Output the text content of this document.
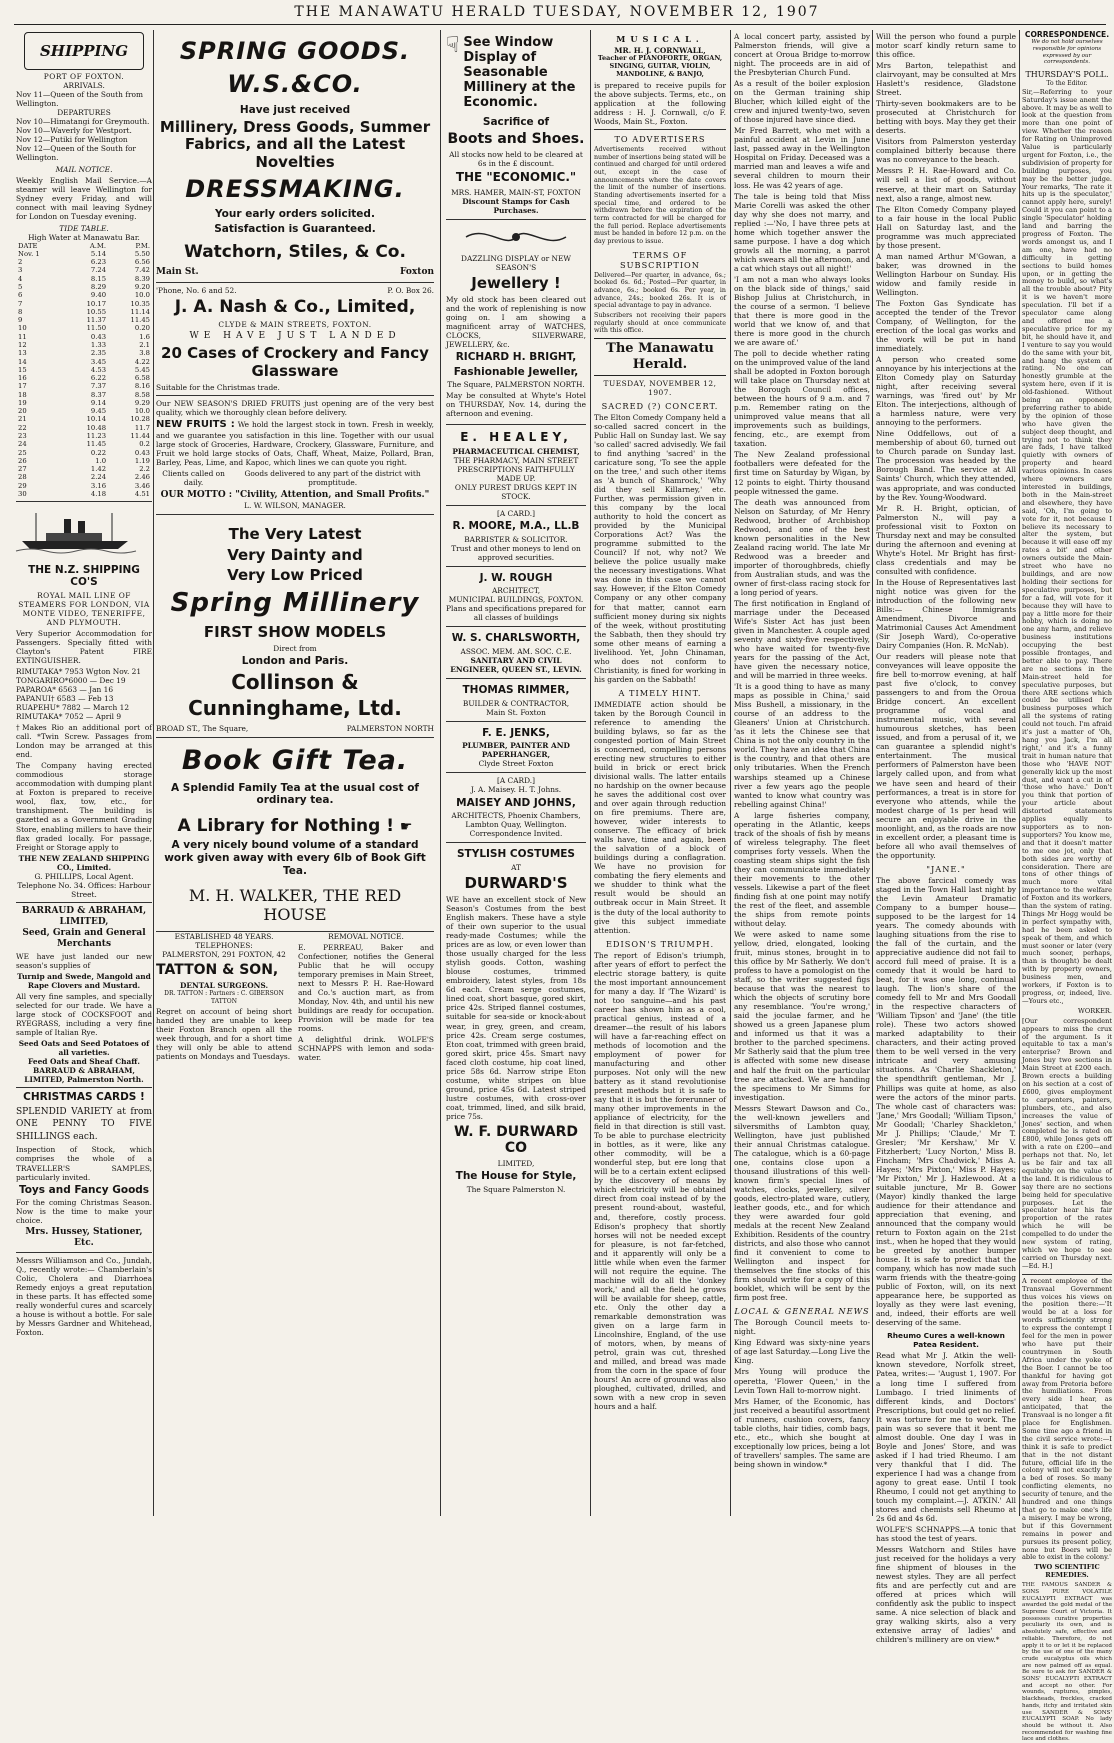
THE MANAWATU HERALD TUESDAY, NOVEMBER 12, 1907
SHIPPING
PORT OF FOXTON.
ARRIVALS.
Nov 11—Queen of the South from Wellington.
DEPARTURES
Nov 10—Himatangi for Greymouth.
Nov 10—Waverly for Westport.
Nov 12—Putiki for Wellington
Nov 12—Queen of the South for Wellington.
MAIL NOTICE.
Weekly English Mail Service.—A steamer will leave Wellington for Sydney every Friday, and will connect with mail leaving Sydney for London on Tuesday evening.
TIDE TABLE.
High Water at Manawatu Bar.
DATE	A.M.	P.M.
Nov. 1	5.14	5.50
2	6.23	6.56
3	7.24	7.42
4	8.15	8.39
5	8.29	9.20
6	9.40	10.0
7	10.17	10.35
8	10.55	11.14
9	11.37	11.45
10	11.50	0.20
11	0.43	1.6
12	1.33	2.1
13	2.35	3.8
14	3.45	4.22
15	4.53	5.45
16	6.22	6.58
17	7.37	8.16
18	8.37	8.58
19	9.14	9.29
20	9.45	10.0
21	10.14	10.28
22	10.48	11.7
23	11.23	11.44
24	11.45	0.2
25	0.22	0.43
26	1.0	1.19
27	1.42	2.2
28	2.24	2.46
29	3.16	3.46
30	4.18	4.51
THE N.Z. SHIPPING CO'S
ROYAL MAIL LINE OF STEAMERS FOR LONDON, VIA MONTE VIDEO, TENERIFFE, AND PLYMOUTH.
Very Superior Accommodation for Passengers. Specially fitted with Clayton's Patent FIRE EXTINGUISHER.
RIMUTAKA* 7953 Wgton Nov. 21
TONGARIRO*6000 — Dec 19
PAPAROA* 6563 — Jan 16
PAPANUI† 6583 — Feb 13
RUAPEHU* 7882 — March 12
RIMUTAKA* 7052 — April 9
†Makes Rio an additional port of call. *Twin Screw. Passages from London may be arranged at this end.
The Company having erected commodious storage accommodation with dumping plant at Foxton is prepared to receive wool, flax, tow, etc., for transhipment. The building is gazetted as a Government Grading Store, enabling millers to have their flax graded locally. For passage, Freight or Storage apply to
THE NEW ZEALAND SHIPPING CO., Limited.
G. PHILLIPS, Local Agent. Telephone No. 34. Offices: Harbour Street.
BARRAUD & ABRAHAM, LIMITED,
Seed, Grain and General Merchants
WE have just landed our new season's supplies of
Turnip and Swede, Mangold and Rape Clovers and Mustard.
All very fine samples, and specially selected for our trade. We have a large stock of COCKSFOOT and RYEGRASS, including a very fine sample of Italian Rye.
Seed Oats and Seed Potatoes of all varieties.
Feed Oats and Sheaf Chaff.
BARRAUD & ABRAHAM, LIMITED, Palmerston North.
CHRISTMAS CARDS !
SPLENDID VARIETY at from ONE PENNY TO FIVE SHILLINGS each.
Inspection of Stock, which comprises the whole of a TRAVELLER'S SAMPLES, particularly invited.
Toys and Fancy Goods
For the coming Christmas Season. Now is the time to make your choice.
Mrs. Hussey, Stationer, Etc.
Messrs Williamson and Co., Jundah, Q., recently wrote:— Chamberlain's Colic, Cholera and Diarrhoea Remedy enjoys a great reputation in these parts. It has effected some really wonderful cures and scarcely a house is without a bottle. For sale by Messrs Gardner and Whitehead, Foxton.
SPRING GOODS.
W.S.&CO.
Have just received
Millinery, Dress Goods, Summer Fabrics, and all the Latest Novelties
DRESSMAKING.
Your early orders solicited.
Satisfaction is Guaranteed.
Watchorn, Stiles, & Co.
Main St.	Foxton
'Phone, No. 6 and 52.	P. O. Box 26.
J. A. Nash & Co., Limited,
CLYDE & MAIN STREETS, FOXTON.
WE HAVE JUST LANDED
20 Cases of Crockery and Fancy Glassware
Suitable for the Christmas trade.
Our NEW SEASON'S DRIED FRUITS just opening are of the very best quality, which we thoroughly clean before delivery.
NEW FRUITS : We hold the largest stock in town. Fresh in weekly, and we guarantee you satisfaction in this line. Together with our usual large stock of Groceries, Hardware, Crockery, Glassware, Furniture, and Fruit we hold large stocks of Oats, Chaff, Wheat, Maize, Pollard, Bran, Barley, Peas, Lime, and Kapoc, which lines we can quote you right.
Clients called on daily.
Goods delivered to any part of the district with promptitude.
OUR MOTTO : "Civility, Attention, and Small Profits."
L. W. WILSON, MANAGER.
The Very Latest
Very Dainty and
Very Low Priced
Spring Millinery
FIRST SHOW MODELS
Direct from
London and Paris.
Collinson &
Cunninghame, Ltd.
BROAD ST., The Square,	PALMERSTON NORTH
Book Gift Tea.
A Splendid Family Tea at the usual cost of ordinary tea.
A Library for Nothing ! ☛
A very nicely bound volume of a standard work given away with every 6lb of Book Gift Tea.
M. H. WALKER, THE RED HOUSE
ESTABLISHED 48 YEARS.
TELEPHONES:
PALMERSTON, 291 FOXTON, 42
TATTON & SON,
DENTAL SURGEONS.
DR. TATTON : Partners : C. GIBERSON TATTON
Regret on account of being short handed they are unable to keep their Foxton Branch open all the week through, and for a short time they will only be able to attend patients on Mondays and Tuesdays.
REMOVAL NOTICE.
E. PERREAU, Baker and Confectioner, notifies the General Public that he will occupy temporary premises in Main Street, next to Messrs P. H. Rae-Howard and Co.'s auction mart, as from Monday, Nov. 4th, and until his new buildings are ready for occupation. Provision will be made for tea rooms.
A delightful drink. WOLFE'S SCHNAPPS with lemon and soda-water.
☟ See Window Display of Seasonable Millinery at the Economic.
Sacrifice of
Boots and Shoes.
All stocks now held to be cleared at 6s in the £ discount.
THE "ECONOMIC."
MRS. HAMER, MAIN-ST, FOXTON
Discount Stamps for Cash Purchases.
DAZZLING DISPLAY or NEW SEASON'S
Jewellery !
My old stock has been cleared out and the work of replenishing is now going on. I am showing a magnificent array of WATCHES, CLOCKS, SILVERWARE, JEWELLERY, &c.
RICHARD H. BRIGHT,
Fashionable Jeweller,
The Square, PALMERSTON NORTH.
May be consulted at Whyte's Hotel on THURSDAY, Nov. 14, during the afternoon and evening.
E. HEALEY,
PHARMACEUTICAL CHEMIST,
THE PHARMACY, MAIN STREET
PRESCRIPTIONS FAITHFULLY MADE UP.
ONLY PUREST DRUGS KEPT IN STOCK.
[A CARD.]
R. MOORE, M.A., LL.B
BARRISTER & SOLICITOR.
Trust and other moneys to lend on approved securities.
J. W. ROUGH
ARCHITECT,
MUNICIPAL BUILDINGS, FOXTON.
Plans and specifications prepared for all classes of buildings
W. S. CHARLSWORTH,
ASSOC. MEM. AM. SOC. C.E.
SANITARY AND CIVIL ENGINEER, QUEEN ST., LEVIN.
THOMAS RIMMER,
BUILDER & CONTRACTOR,
Main St. Foxton
F. E. JENKS,
PLUMBER, PAINTER AND PAPERHANGER,
Clyde Street Foxton
[A CARD.]
J. A. Maisey. H. T. Johns.
MAISEY AND JOHNS,
ARCHITECTS, Phoenix Chambers, Lambton Quay, Wellington. Correspondence Invited.
STYLISH COSTUMES
AT
DURWARD'S
WE have an excellent stock of New Season's Costumes from the best English makers. These have a style of their own superior to the usual ready-made Costumes; while the prices are as low, or even lower than those usually charged for the less stylish goods. Cotton, washing blouse costumes, trimmed embroidery, latest styles, from 18s 6d each. Cream serge costumes, lined coat, short basque, gored skirt, price 42s. Striped flannel costumes, suitable for sea-side or knock-about wear, in grey, green, and cream, price 42s. Cream serge costumes, Eton coat, trimmed with green braid, gored skirt, price 45s. Smart navy faced cloth costume, hip coat lined, price 58s 6d. Narrow stripe Eton costume, white stripes on blue ground, price 45s 6d. Latest striped lustre costumes, with cross-over coat, trimmed, lined, and silk braid, price 75s.
W. F. DURWARD CO
LIMITED,
The House for Style,
The Square Palmerston N.
MUSICAL.
MR. H. J. CORNWALL,
Teacher of PIANOFORTE, ORGAN, SINGING, GUITAR, VIOLIN, MANDOLINE, & BANJO,
is prepared to receive pupils for the above subjects. Terms, etc., on application at the following address : H. J. Cornwall, c/o F. Woods, Main St., Foxton.
TO ADVERTISERS
Advertisements received without number of insertions being stated will be continued and charged for until ordered out, except in the case of announcements where the date covers the limit of the number of insertions. Standing advertisements inserted for a special time, and ordered to be withdrawn before the expiration of the term contracted for will be charged for the full period. Replace advertisements must be handed in before 12 p.m. on the day previous to issue.
TERMS OF SUBSCRIPTION
Delivered—Per quarter, in advance, 6s.; booked 6s. 6d.; Posted—Per quarter, in advance, 6s.; booked 6s. Per year, in advance, 24s.; booked 26s. It is of special advantage to pay in advance.
Subscribers not receiving their papers regularly should at once communicate with this office.
The Manawatu Herald.
TUESDAY, NOVEMBER 12, 1907.
SACRED (?) CONCERT.
The Elton Comedy Company held a so-called sacred concert in the Public Hall on Sunday last. We say 'so called' sacred advisedly. We fail to find anything 'sacred' in the caricature song, 'To see the apple on the tree,' and such other items as 'A bunch of Shamrock,' 'Why did they sell Killarney,' etc. Further, was permission given in this company by the local authority to hold the concert as provided by the Municipal Corporations Act? Was the programme submitted to the Council? If not, why not? We believe the police usually make the necessary investigations. What was done in this case we cannot say. However, if the Elton Comedy Company or any other company for that matter, cannot earn sufficient money during six nights of the week, without prostituting the Sabbath, then they should try some other means of earning a livelihood. Yet, John Chinaman, who does not conform to Christianity, is fined for working in his garden on the Sabbath!
A TIMELY HINT.
IMMEDIATE action should be taken by the Borough Council in reference to amending the building bylaws, so far as the congested portion of Main Street is concerned, compelling persons erecting new structures to either build in brick or erect brick divisional walls. The latter entails no hardship on the owner because he saves the additional cost over and over again through reduction on fire premiums. There are, however, wider interests to conserve. The efficacy of brick walls have, time and again, been the salvation of a block of buildings during a conflagration. We have no provision for combating the fiery elements and we shudder to think what the result would be should an outbreak occur in Main Street. It is the duty of the local authority to give this subject immediate attention.
EDISON'S TRIUMPH.
The report of Edison's triumph, after years of effort to perfect the electric storage battery, is quite the most important announcement for many a day. If 'The Wizard' is not too sanguine—and his past career has shown him as a cool, practical genius, instead of a dreamer—the result of his labors will have a far-reaching effect on methods of locomotion and the employment of power for manufacturing and other purposes. Not only will the new battery as it stand revolutionise present methods but it is safe to say that it is but the forerunner of many other improvements in the appliance of electricity, for the field in that direction is still vast. To be able to purchase electricity in bottles, as it were, like any other commodity, will be a wonderful step, but ere long that will be to a certain extent eclipsed by the discovery of means by which electricity will be obtained direct from coal instead of by the present round-about, wasteful, and, therefore, costly process. Edison's prophecy that shortly horses will not be needed except for pleasure, is not far-fetched, and it apparently will only be a little while when even the farmer will not require the equine. The machine will do all the 'donkey work,' and all the field he grows will be available for sheep, cattle, etc. Only the other day a remarkable demonstration was given on a large farm in Lincolnshire, England, of the use of motors, when, by means of petrol, grain was cut, threshed and milled, and bread was made from the corn in the space of four hours! An acre of ground was also ploughed, cultivated, drilled, and sown with a new crop in seven hours and a half.
A local concert party, assisted by Palmerston friends, will give a concert at Oroua Bridge to-morrow night. The proceeds are in aid of the Presbyterian Church Fund.
As a result of the boiler explosion on the German training ship Blucher, which killed eight of the crew and injured twenty-two, seven of those injured have since died.
Mr Fred Barrett, who met with a painful accident at Levin in June last, passed away in the Wellington Hospital on Friday. Deceased was a married man and leaves a wife and several children to mourn their loss. He was 42 years of age.
The tale is being told that Miss Marie Corelli was asked the other day why she does not marry, and replied :—'No, I have three pets at home which together answer the same purpose. I have a dog which growls all the morning, a parrot which swears all the afternoon, and a cat which stays out all night!'
'I am not a man who always looks on the black side of things,' said Bishop Julius at Christchurch, in the course of a sermon. 'I believe that there is more good in the world that we know of, and that there is more good in the church we are aware of.'
The poll to decide whether rating on the unimproved value of the land shall be adopted in Foxton borough will take place on Thursday next at the Borough Council offices, between the hours of 9 a.m. and 7 p.m. Remember rating on the unimproved value means that all improvements such as buildings, fencing, etc., are exempt from taxation.
The New Zealand professional footballers were defeated for the first time on Saturday by Wigan, by 12 points to eight. Thirty thousand people witnessed the game.
The death was announced from Nelson on Saturday, of Mr Henry Redwood, brother of Archbishop Redwood, and one of the best known personalities in the New Zealand racing world. The late Mr Redwood was a breeder and importer of thoroughbreds, chiefly from Australian studs, and was the owner of first-class racing stock for a long period of years.
The first notification in England of marriage under the Deceased Wife's Sister Act has just been given in Manchester. A couple aged seventy and sixty-five respectively, who have waited for twenty-five years for the passing of the Act, have given the necessary notice, and will be married in three weeks.
'It is a good thing to have as many maps as possible in China,' said Miss Bushell, a missionary, in the course of an address to the Gleaners' Union at Christchurch. 'as it lets the Chinese see that China is not the only country in the world. They have an idea that China is the country, and that others are only tributaries. When the French warships steamed up a Chinese river a few years ago the people wanted to know what country was rebelling against China!'
A large fisheries company, operating in the Atlantic, keeps track of the shoals of fish by means of wireless telegraphy. The fleet comprises forty vessels. When the coasting steam ships sight the fish they can communicate immediately their movements to the other vessels. Likewise a part of the fleet finding fish at one point may notify the rest of the fleet, and assemble the ships from remote points without delay.
We were asked to name some yellow, dried, elongated, looking fruit, minus stones, brought in to this office by Mr Satherly. We don't profess to have a pomologist on the staff, so the writer suggested figs because that was the nearest to which the objects of scrutiny bore any resemblance. 'You're wrong,' said the joculae farmer, and he showed us a green Japanese plum and informed us that it was a brother to the parched specimens. Mr Satherly said that the plum tree is affected with some new disease and half the fruit on the particular tree are attacked. We are handing the specimens to Mr Simms for investigation.
Messrs Stewart Dawson and Co., the well-known jewellers and silversmiths of Lambton quay, Wellington, have just published their annual Christmas catalogue. The catalogue, which is a 60-page one, contains close upon a thousand illustrations of this well-known firm's special lines of watches, clocks, jewellery, silver goods, electro-plated ware, cutlery, leather goods, etc., and for which they were awarded four gold medals at the recent New Zealand Exhibition. Residents of the country districts, and also those who cannot find it convenient to come to Wellington and inspect for themselves the fine stocks of this firm should write for a copy of this booklet, which will be sent by the firm post free.
LOCAL & GENERAL NEWS
The Borough Council meets to-night.
King Edward was sixty-nine years of age last Saturday.—Long Live the King.
Mrs Young will produce the operetta, 'Flower Queen,' in the Levin Town Hall to-morrow night.
Mrs Hamer, of the Economic, has just received a beautiful assortment of runners, cushion covers, fancy table cloths, hair tidies, comb bags, etc., etc., which she bought at exceptionally low prices, being a lot of travellers' samples. The same are being shown in window.*
Will the person who found a purple motor scarf kindly return same to this office.
Mrs Barton, telepathist and clairvoyant, may be consulted at Mrs Haslett's residence, Gladstone Street.
Thirty-seven bookmakers are to be prosecuted at Christchurch for betting with boys. May they get their deserts.
Visitors from Palmerston yesterday complained bitterly because there was no conveyance to the beach.
Messrs P. H. Rae-Howard and Co. will sell a list of goods, without reserve, at their mart on Saturday next, also a range, almost new.
The Elton Comedy Company played to a fair house in the local Public Hall on Saturday last, and the programme was much appreciated by those present.
A man named Arthur M'Gowan, a baker, was drowned in the Wellington Harbour on Sunday. His widow and family reside in Wellington.
The Foxton Gas Syndicate has accepted the tender of the Trevor Company, of Wellington, for the erection of the local gas works and the work will be put in hand immediately.
A person who created some annoyance by his interjections at the Elton Comedy play on Saturday night, after receiving several warnings, was 'fired out' by Mr Elton. The interjections, although of a harmless nature, were very annoying to the performers.
Nine Oddfellows, out of a membership of about 60, turned out to Church parade on Sunday last. The procession was headed by the Borough Band. The service at All Saints' Church, which they attended, was appropriate, and was conducted by the Rev. Young-Woodward.
Mr R. H. Bright, optician, of Palmerston N., will pay a professional visit to Foxton on Thursday next and may be consulted during the afternoon and evening at Whyte's Hotel. Mr Bright has first-class credentials and may be consulted with confidence.
In the House of Representatives last night notice was given for the introduction of the following new Bills:— Chinese Immigrants Amendment, Divorce and Matrimonial Causes Act Amendment (Sir Joseph Ward), Co-operative Dairy Companies (Hon. R. McNab).
Our readers will please note that conveyances will leave opposite the fire bell to-morrow evening, at half past five o'clock, to convey passengers to and from the Oroua Bridge concert. An excellent programme of vocal and instrumental music, with several humourous sketches, has been issued, and from a perusal of it, we can guarantee a splendid night's entertainment. The musical performers of Palmerston have been largely called upon, and from what we have seen and heard of their performances, a treat is in store for everyone who attends, while the modest charge of 1s per head will secure an enjoyable drive in the moonlight, and, as the roads are now in excellent order, a pleasant time is before all who avail themselves of the opportunity.
"JANE."
The above farcical comedy was staged in the Town Hall last night by the Levin Amateur Dramatic Company to a bumper house—supposed to be the largest for 14 years. The comedy abounds with laughing situations from the rise to the fall of the curtain, and the appreciative audience did not fail to accord full meed of praise. It is a comedy that it would be hard to beat, for it was one long, continual laugh. The lion's share of the comedy fell to Mr and Mrs Goodall in the respective characters of 'William Tipson' and 'Jane' (the title role). These two actors showed marked adaptability to their characters, and their acting proved them to be well versed in the very intricate and very amusing situations. As 'Charlie Shackleton,' the spendthrift gentleman, Mr J. Phillips was quite at home, as also were the actors of the minor parts. The whole cast of characters was: 'Jane,' Mrs Goodall; 'William Tipson,' Mr Goodall; 'Charley Shackleton,' Mr J. Phillips; 'Claude,' Mr T. Gresler; 'Mr Kershaw,' Mr V. Fitzherbert; 'Lucy Norton,' Miss B. Fincham; 'Mrs Chadwick,' Miss A. Hayes; 'Mrs Pixton,' Miss P. Hayes; 'Mr Pixton,' Mr J. Hazlewood. At a suitable juncture, Mr B. Gower (Mayor) kindly thanked the large audience for their attendance and appreciation that evening, and announced that the company would return to Foxton again on the 21st inst., when he hoped that they would be greeted by another bumper house. It is safe to predict that the company, which has now made such warm friends with the theatre-going public of Foxton, will, on its next appearance here, be supported as loyally as they were last evening, and, indeed, their efforts are well deserving of the same.
Rheumo Cures a well-known Patea Resident.
Read what Mr J. Atkin the well-known stevedore, Norfolk street, Patea, writes:— 'August 1, 1907. For a long time I suffered from Lumbago. I tried liniments of different kinds, and Doctors' Prescriptions, but could get no relief. It was torture for me to work. The pain was so severe that it bent me almost double. One day I was in Boyle and Jones' Store, and was asked if I had tried Rheumo. I am very thankful that I did. The experience I had was a change from agony to great ease. Until I took Rheumo, I could not get anything to touch my complaint.—J. ATKIN.' All stores and chemists sell Rheumo at 2s 6d and 4s 6d.
WOLFE'S SCHNAPPS.—A tonic that has stood the test of years.
Messrs Watchorn and Stiles have just received for the holidays a very fine shipment of blouses in the newest styles. They are all perfect fits and are perfectly cut and are offered at prices which will confidently ask the public to inspect same. A nice selection of black and gray walking skirts, also a very extensive array of ladies' and children's millinery are on view.*
CORRESPONDENCE.
We do not hold ourselves responsible for opinions expressed by our correspondents.
THURSDAY'S POLL.
To the Editor.
Sir,—Referring to your Saturday's issue anent the above. It may be as well to look at the question from more than one point of view. Whether the reason for Rating on Unimproved Value is particularly urgent for Foxton, i.e., the subdivision of property for building purposes, you may be the better judge. Your remarks, 'The rate it hits up is the speculator,' cannot apply here, surely! Could it you can point to a single 'Speculator' holding land and barring the progress of Foxton. The words amongst us, and I am one, have had no difficulty in getting sections to build homes upon, or in getting the money to build, so what's all the trouble about? Pity it is we haven't more speculation. I'll bet if a speculator came along and offered me a speculative price for my bit, he should have it, and I venture to say you would do the same with your bit, and hang the system of rating. No one can honestly grumble at the system here, even if it is old-fashioned. Without being an opponent, preferring rather to abide by the opinion of those who have given the subject deep thought, and trying not to think they are fads, I have talked quietly with owners of property and heard various opinions. In cases where owners are interested in buildings, both in the Main-street and elsewhere, they have said, 'Oh, I'm going to vote for it, not because I believe its necessary to alter the system, but because it will ease off my rates a bit' and other owners outside the Main-street who have no buildings, and are now holding their sections for speculative purposes, but for a fad, will vote for it because they will have to pay a little more for their hobby, which is doing no one any harm, and relieve business institutions occupying the best possible frontages, and better able to pay. There are no sections in the Main-street held for speculative purposes, but there ARE sections which could be utilised for business purposes which all the systems of rating could not touch. I'm afraid it's just a matter of 'Oh, hang you Jack, I'm all right,' and it's a funny trait in human nature that those who 'HAVE NOT' generally kick up the most dust, and want a cut in of 'those who have.' Don't you think that portion of your article about distorted statements applies equally to supporters as to non-supporters? You know me, and that it doesn't matter to me one jot, only that both sides are worthy of consideration. There are tons of other things of much more vital importance to the welfare of Foxton and its workers, than the system of rating. Things Mr Hogg would be in perfect sympathy with, had he been asked to speak of them, and which must sooner or later (very much sooner, perhaps, than is thought) be dealt with by property owners, business men, and workers, if Foxton is to progress, or, indeed, live.—Yours etc.,
WORKER.
[Our correspondent appears to miss the crux of the argument. Is it equitable to tax a man's enterprise? Brown and Jones buy two sections in Main Street at £200 each. Brown erects a building on his section at a cost of £600, gives employment to carpenters, painters, plumbers, etc., and also increases the value of Jones' section, and when completed he is rated on £800, while Jones gets off with a rate on £200—and perhaps not that. No, let us be fair and tax all equitably on the value of the land. It is ridiculous to say there are no sections being held for speculative purposes. Let the speculator hear his fair proportion of the rates which he will be compelled to do under the new system of rating, which we hope to see carried on Thursday next.—Ed. H.]
A recent employee of the Transvaal Government thus voices his views on the position there:—'It would be at a loss for words sufficiently strong to express the contempt I feel for the men in power who have put their countrymen in South Africa under the yoke of the Boer. I cannot be too thankful for having got away from Pretoria before the humiliations. From every side I hear, as anticipated, that the Transvaal is no longer a fit place for Englishmen. Some time ago a friend in the civil service wrote:—I think it is safe to predict that in the not distant future, official life in the colony will not exactly be a bed of roses. So many conflicting elements, no security of tenure, and the hundred and one things that go to make one's life a misery. I may be wrong, but if this Government remains in power and pursues its present policy, none but Boers will be able to exist in the colony.'
TWO SCIENTIFIC REMEDIES.
THE FAMOUS SANDER & SONS PURE VOLATILE EUCALYPTI EXTRACT was awarded the gold medal of the Supreme Court of Victoria. It possesses curative properties peculiarly its own, and is absolutely safe, effective and reliable. Therefore, do not apply it to or let it be replaced by the use of one of the many crude eucalyptus oils which are now palmed off as equal. Be sure to ask for SANDER & SONS' EUCALYPTI EXTRACT and accept no other. For wounds, ruptures, pimples, blackheads, freckles, cracked hands, itchy and irritated skin use SANDER & SONS' EUCALYPTI SOAP. No lady should be without it. Also recommended for washing fine lace and clothes.
